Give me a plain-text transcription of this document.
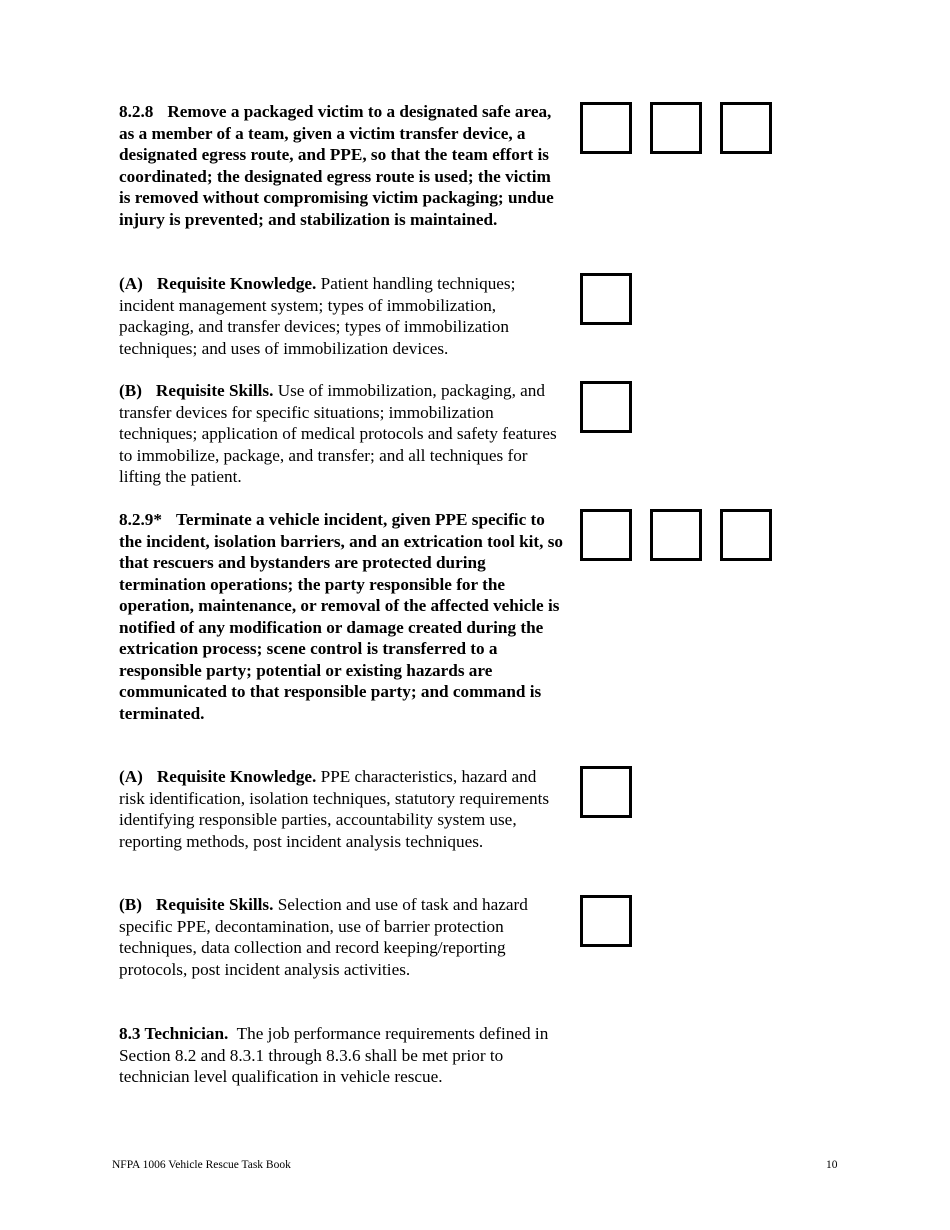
8.2.8 Remove a packaged victim to a designated safe area, as a member of a team, given a victim transfer device, a designated egress route, and PPE, so that the team effort is coordinated; the designated egress route is used; the victim is removed without compromising victim packaging; undue injury is prevented; and stabilization is maintained.

(A) Requisite Knowledge. Patient handling techniques; incident management system; types of immobilization, packaging, and transfer devices; types of immobilization techniques; and uses of immobilization devices.

(B) Requisite Skills. Use of immobilization, packaging, and transfer devices for specific situations; immobilization techniques; application of medical protocols and safety features to immobilize, package, and transfer; and all techniques for lifting the patient.

8.2.9* Terminate a vehicle incident, given PPE specific to the incident, isolation barriers, and an extrication tool kit, so that rescuers and bystanders are protected during termination operations; the party responsible for the operation, maintenance, or removal of the affected vehicle is notified of any modification or damage created during the extrication process; scene control is transferred to a responsible party; potential or existing hazards are communicated to that responsible party; and command is terminated.

(A) Requisite Knowledge. PPE characteristics, hazard and risk identification, isolation techniques, statutory requirements identifying responsible parties, accountability system use, reporting methods, post incident analysis techniques.

(B) Requisite Skills. Selection and use of task and hazard specific PPE, decontamination, use of barrier protection techniques, data collection and record keeping/reporting protocols, post incident analysis activities.

8.3 Technician. The job performance requirements defined in Section 8.2 and 8.3.1 through 8.3.6 shall be met prior to technician level qualification in vehicle rescue.

NFPA 1006 Vehicle Rescue Task Book	10
